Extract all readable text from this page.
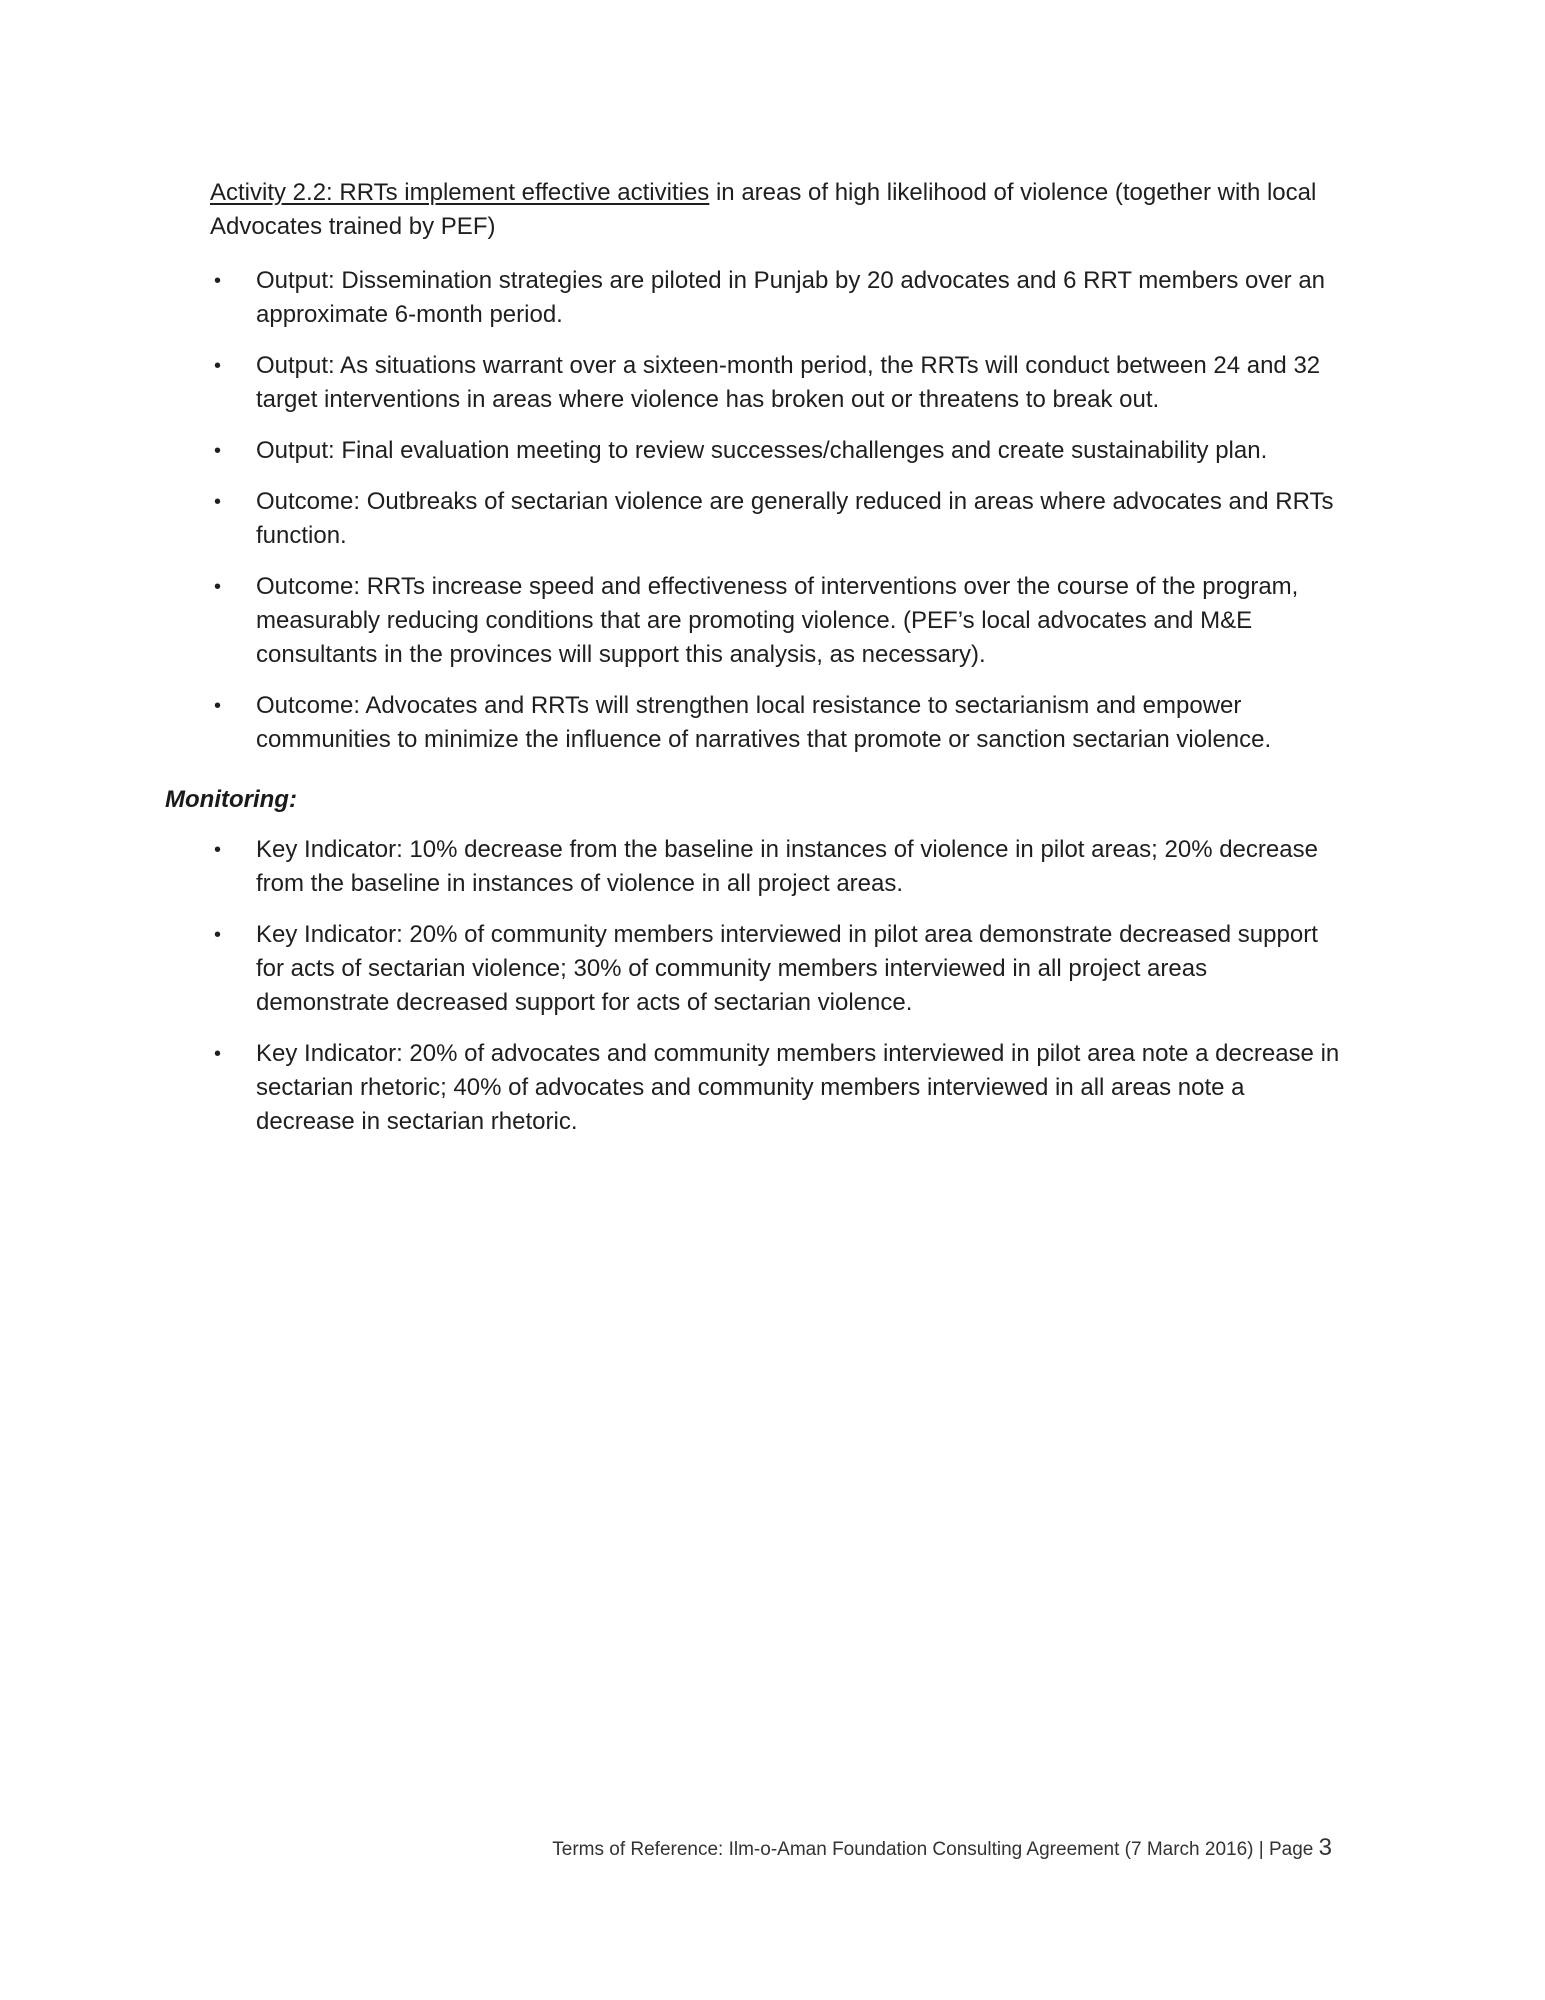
Activity 2.2: RRTs implement effective activities in areas of high likelihood of violence (together with local Advocates trained by PEF)

•	Output: Dissemination strategies are piloted in Punjab by 20 advocates and 6 RRT members over an approximate 6-month period.
•	Output: As situations warrant over a sixteen-month period, the RRTs will conduct between 24 and 32 target interventions in areas where violence has broken out or threatens to break out.
•	Output: Final evaluation meeting to review successes/challenges and create sustainability plan.
•	Outcome: Outbreaks of sectarian violence are generally reduced in areas where advocates and RRTs function.
•	Outcome: RRTs increase speed and effectiveness of interventions over the course of the program, measurably reducing conditions that are promoting violence. (PEF’s local advocates and M&E consultants in the provinces will support this analysis, as necessary).
•	Outcome: Advocates and RRTs will strengthen local resistance to sectarianism and empower communities to minimize the influence of narratives that promote or sanction sectarian violence.
Monitoring:
•	Key Indicator: 10% decrease from the baseline in instances of violence in pilot areas; 20% decrease from the baseline in instances of violence in all project areas.
•	Key Indicator: 20% of community members interviewed in pilot area demonstrate decreased support for acts of sectarian violence; 30% of community members interviewed in all project areas demonstrate decreased support for acts of sectarian violence.
•	Key Indicator: 20% of advocates and community members interviewed in pilot area note a decrease in sectarian rhetoric; 40% of advocates and community members interviewed in all areas note a decrease in sectarian rhetoric.
Terms of Reference: Ilm-o-Aman Foundation Consulting Agreement (7 March 2016) | Page 3
